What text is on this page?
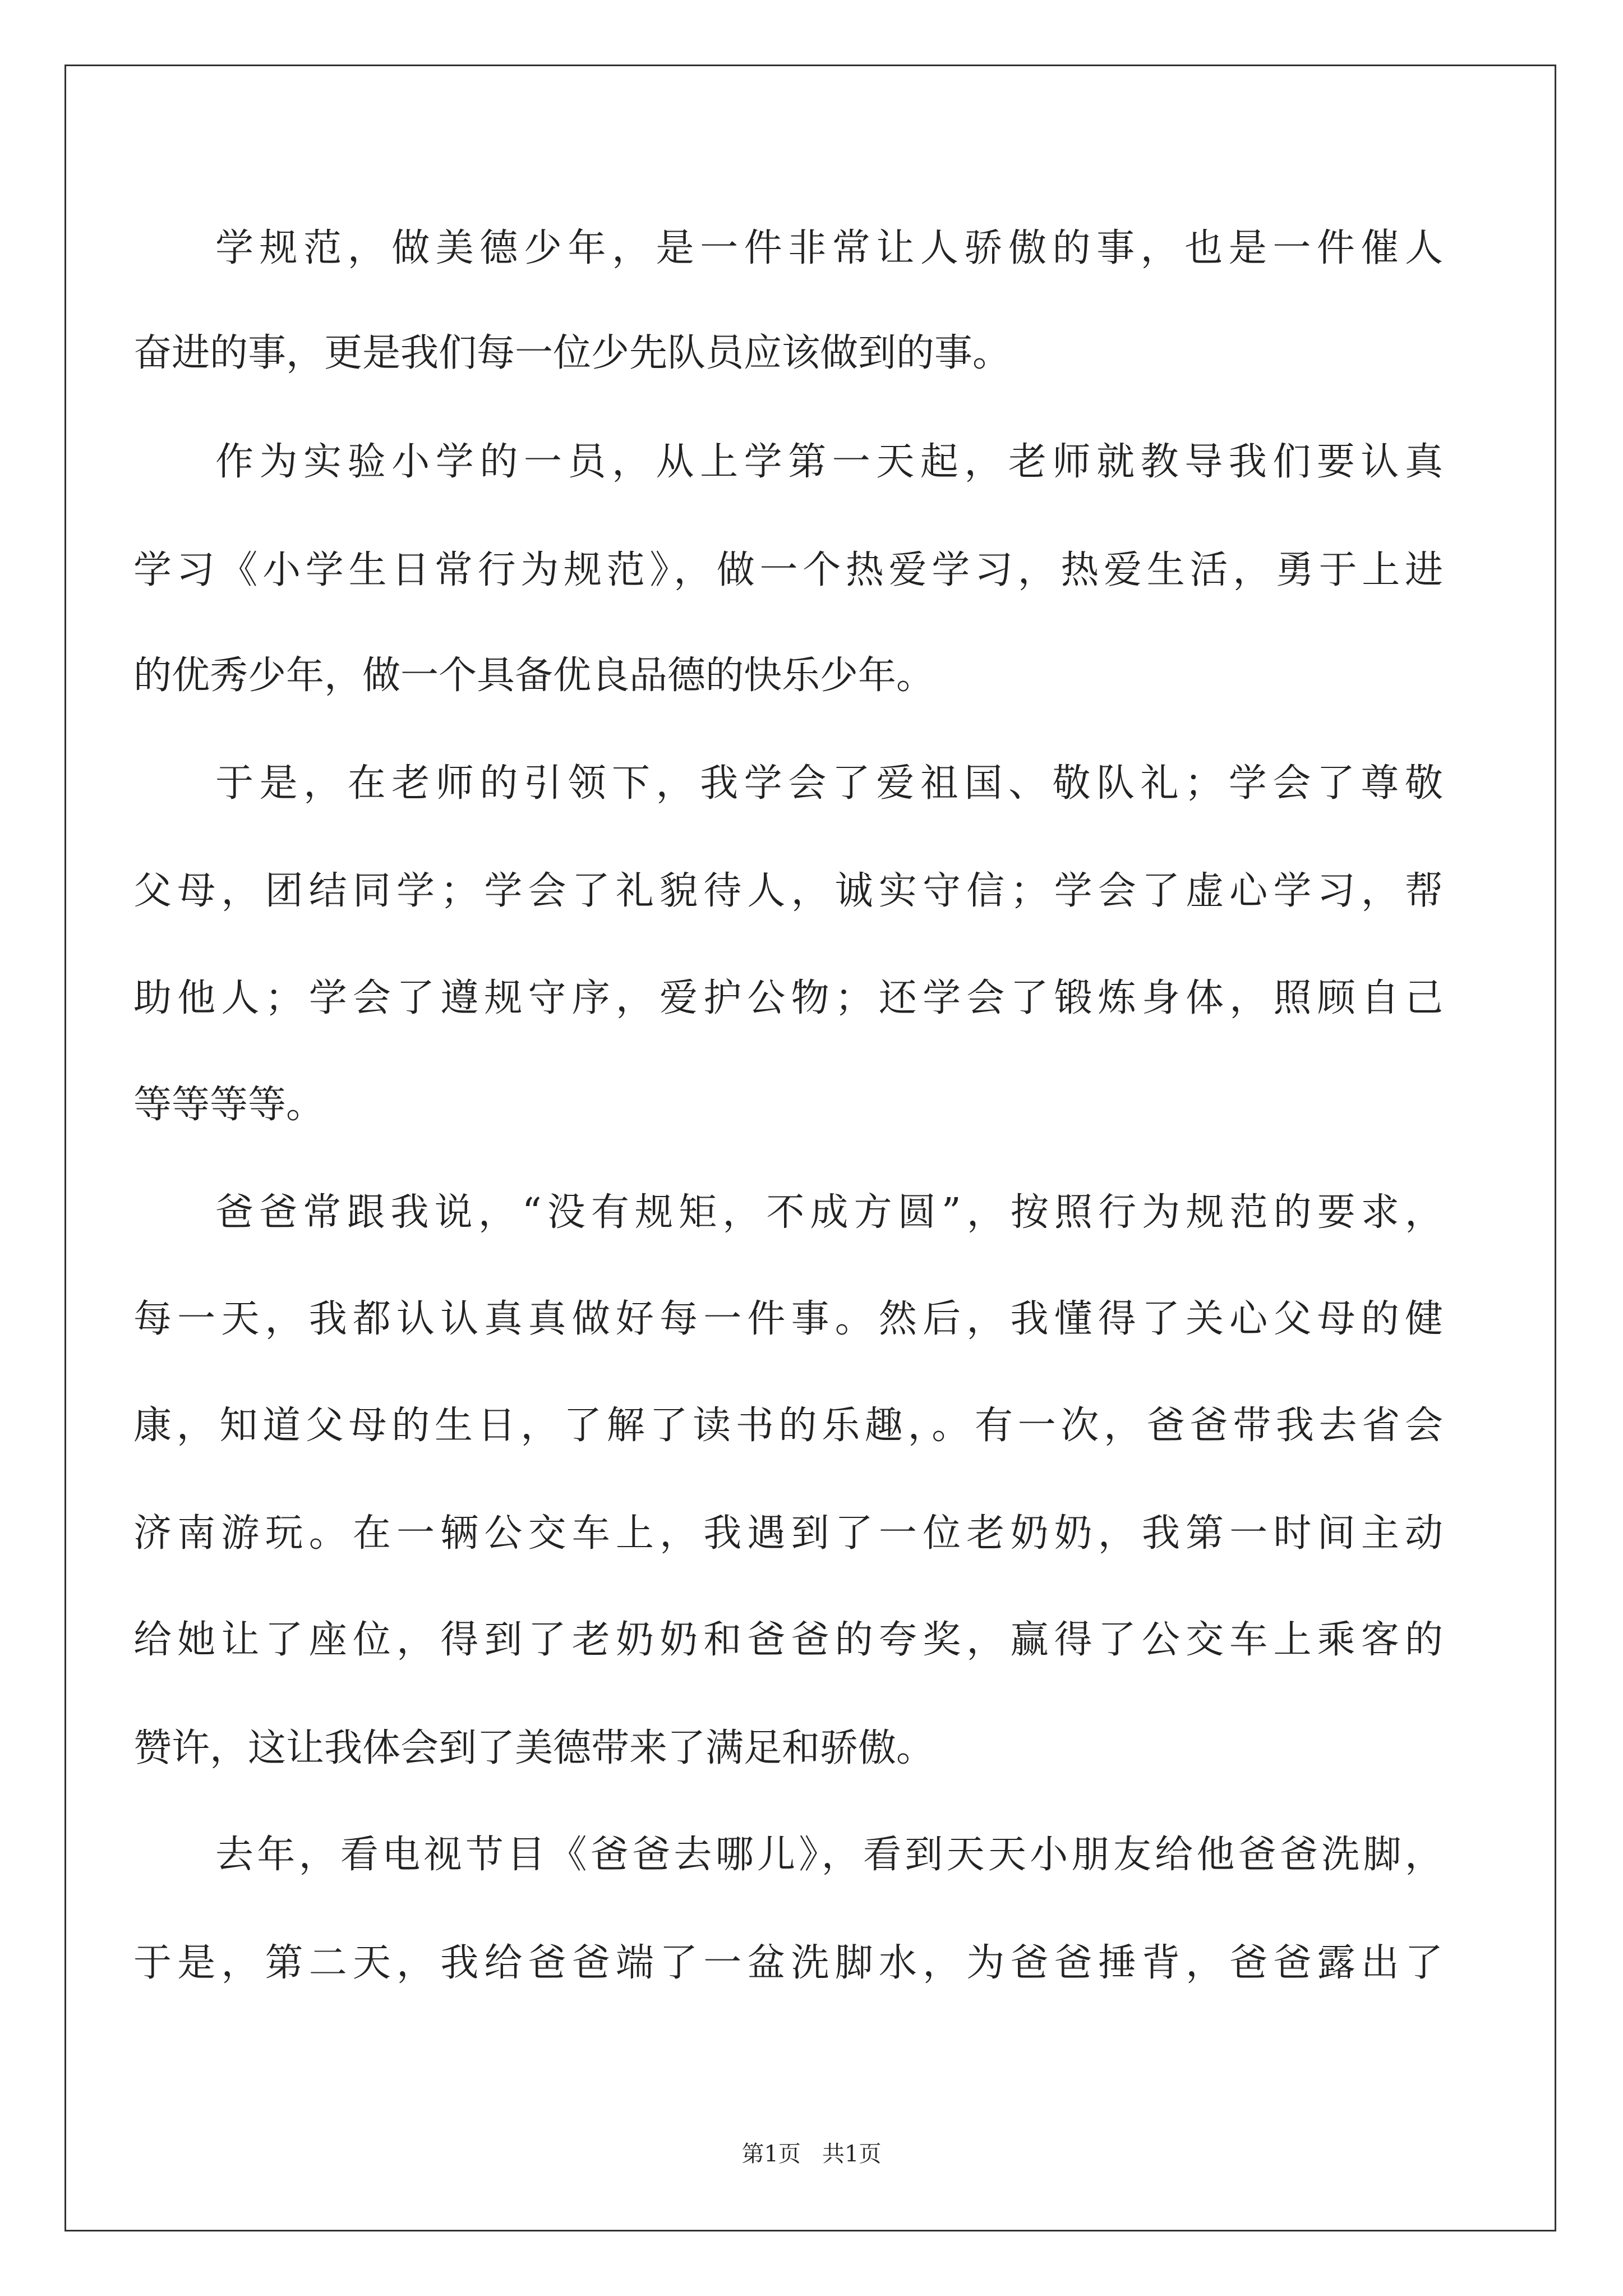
学规范，做美德少年，是一件非常让人骄傲的事，也是一件催人
奋进的事，更是我们每一位少先队员应该做到的事。
作为实验小学的一员，从上学第一天起，老师就教导我们要认真
学习《小学生日常行为规范》，做一个热爱学习，热爱生活，勇于上进
的优秀少年，做一个具备优良品德的快乐少年。
于是，在老师的引领下，我学会了爱祖国、敬队礼；学会了尊敬
父母，团结同学；学会了礼貌待人，诚实守信；学会了虚心学习，帮
助他人；学会了遵规守序，爱护公物；还学会了锻炼身体，照顾自己
等等等等。
爸爸常跟我说，“没有规矩，不成方圆”，按照行为规范的要求，
每一天，我都认认真真做好每一件事。然后，我懂得了关心父母的健
康，知道父母的生日，了解了读书的乐趣，。有一次，爸爸带我去省会
济南游玩。在一辆公交车上，我遇到了一位老奶奶，我第一时间主动
给她让了座位，得到了老奶奶和爸爸的夸奖，赢得了公交车上乘客的
赞许，这让我体会到了美德带来了满足和骄傲。
去年，看电视节目《爸爸去哪儿》，看到天天小朋友给他爸爸洗脚，
于是，第二天，我给爸爸端了一盆洗脚水，为爸爸捶背，爸爸露出了
第1页   共1页
